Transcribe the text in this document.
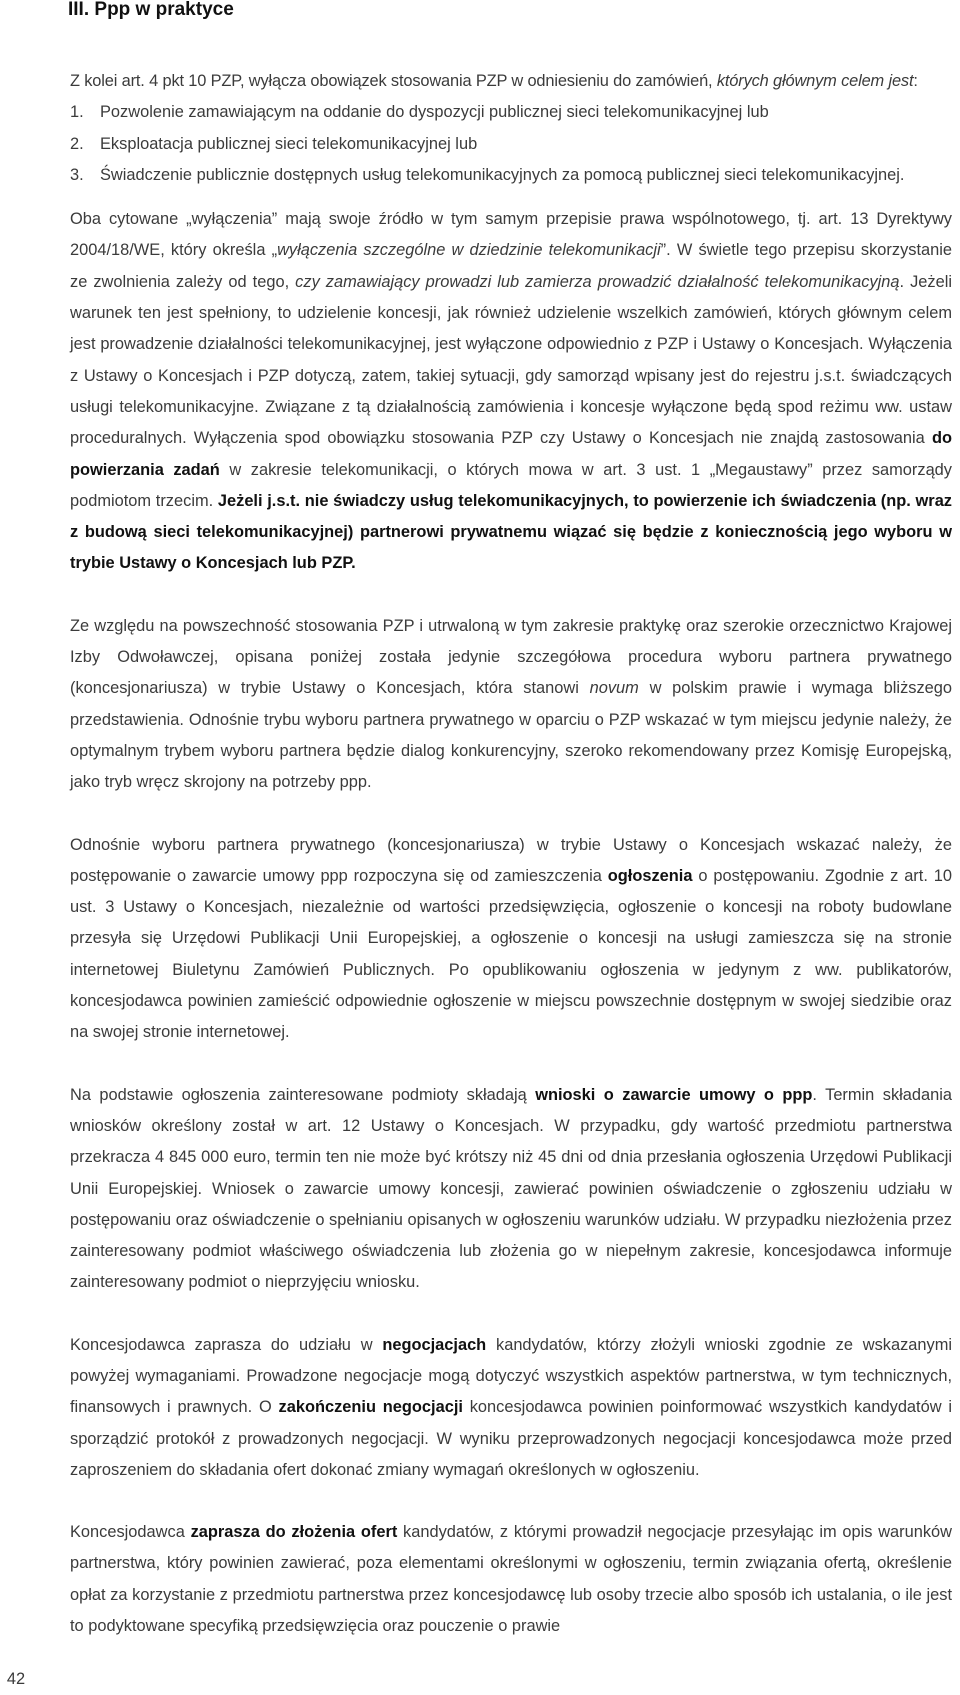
III. Ppp w praktyce

Z kolei art. 4 pkt 10 PZP, wyłącza obowiązek stosowania PZP w odniesieniu do zamówień, których głównym celem jest:

1. Pozwolenie zamawiającym na oddanie do dyspozycji publicznej sieci telekomunikacyjnej lub
2. Eksploatacja publicznej sieci telekomunikacyjnej lub
3. Świadczenie publicznie dostępnych usług telekomunikacyjnych za pomocą publicznej sieci telekomunikacyjnej.

Oba cytowane „wyłączenia” mają swoje źródło w tym samym przepisie prawa wspólnotowego, tj. art. 13 Dyrektywy 2004/18/WE, który określa „wyłączenia szczególne w dziedzinie telekomunikacji”. W świetle tego przepisu skorzystanie ze zwolnienia zależy od tego, czy zamawiający prowadzi lub zamierza prowadzić działalność telekomunikacyjną. Jeżeli warunek ten jest spełniony, to udzielenie koncesji, jak również udzielenie wszelkich zamówień, których głównym celem jest prowadzenie działalności telekomunikacyjnej, jest wyłączone odpowiednio z PZP i Ustawy o Koncesjach. Wyłączenia z Ustawy o Koncesjach i PZP dotyczą, zatem, takiej sytuacji, gdy samorząd wpisany jest do rejestru j.s.t. świadczących usługi telekomunikacyjne. Związane z tą działalnością zamówienia i koncesje wyłączone będą spod reżimu ww. ustaw proceduralnych. Wyłączenia spod obowiązku stosowania PZP czy Ustawy o Koncesjach nie znajdą zastosowania do powierzania zadań w zakresie telekomunikacji, o których mowa w art. 3 ust. 1 „Megaustawy” przez samorządy podmiotom trzecim. Jeżeli j.s.t. nie świadczy usług telekomunikacyjnych, to powierzenie ich świadczenia (np. wraz z budową sieci telekomunikacyjnej) partnerowi prywatnemu wiązać się będzie z koniecznością jego wyboru w trybie Ustawy o Koncesjach lub PZP.

Ze względu na powszechność stosowania PZP i utrwaloną w tym zakresie praktykę oraz szerokie orzecznictwo Krajowej Izby Odwoławczej, opisana poniżej została jedynie szczegółowa procedura wyboru partnera prywatnego (koncesjonariusza) w trybie Ustawy o Koncesjach, która stanowi novum w polskim prawie i wymaga bliższego przedstawienia. Odnośnie trybu wyboru partnera prywatnego w oparciu o PZP wskazać w tym miejscu jedynie należy, że optymalnym trybem wyboru partnera będzie dialog konkurencyjny, szeroko rekomendowany przez Komisję Europejską, jako tryb wręcz skrojony na potrzeby ppp.

Odnośnie wyboru partnera prywatnego (koncesjonariusza) w trybie Ustawy o Koncesjach wskazać należy, że postępowanie o zawarcie umowy ppp rozpoczyna się od zamieszczenia ogłoszenia o postępowaniu. Zgodnie z art. 10 ust. 3 Ustawy o Koncesjach, niezależnie od wartości przedsięwzięcia, ogłoszenie o koncesji na roboty budowlane przesyła się Urzędowi Publikacji Unii Europejskiej, a ogłoszenie o koncesji na usługi zamieszcza się na stronie internetowej Biuletynu Zamówień Publicznych. Po opublikowaniu ogłoszenia w jedynym z ww. publikatorów, koncesjodawca powinien zamieścić odpowiednie ogłoszenie w miejscu powszechnie dostępnym w swojej siedzibie oraz na swojej stronie internetowej.

Na podstawie ogłoszenia zainteresowane podmioty składają wnioski o zawarcie umowy o ppp. Termin składania wniosków określony został w art. 12 Ustawy o Koncesjach. W przypadku, gdy wartość przedmiotu partnerstwa przekracza 4 845 000 euro, termin ten nie może być krótszy niż 45 dni od dnia przesłania ogłoszenia Urzędowi Publikacji Unii Europejskiej. Wniosek o zawarcie umowy koncesji, zawierać powinien oświadczenie o zgłoszeniu udziału w postępowaniu oraz oświadczenie o spełnianiu opisanych w ogłoszeniu warunków udziału. W przypadku niezłożenia przez zainteresowany podmiot właściwego oświadczenia lub złożenia go w niepełnym zakresie, koncesjodawca informuje zainteresowany podmiot o nieprzyjęciu wniosku.

Koncesjodawca zaprasza do udziału w negocjacjach kandydatów, którzy złożyli wnioski zgodnie ze wskazanymi powyżej wymaganiami. Prowadzone negocjacje mogą dotyczyć wszystkich aspektów partnerstwa, w tym technicznych, finansowych i prawnych. O zakończeniu negocjacji koncesjodawca powinien poinformować wszystkich kandydatów i sporządzić protokół z prowadzonych negocjacji. W wyniku przeprowadzonych negocjacji koncesjodawca może przed zaproszeniem do składania ofert dokonać zmiany wymagań określonych w ogłoszeniu.

Koncesjodawca zaprasza do złożenia ofert kandydatów, z którymi prowadził negocjacje przesyłając im opis warunków partnerstwa, który powinien zawierać, poza elementami określonymi w ogłoszeniu, termin związania ofertą, określenie opłat za korzystanie z przedmiotu partnerstwa przez koncesjodawcę lub osoby trzecie albo sposób ich ustalania, o ile jest to podyktowane specyfiką przedsięwzięcia oraz pouczenie o prawie

42
